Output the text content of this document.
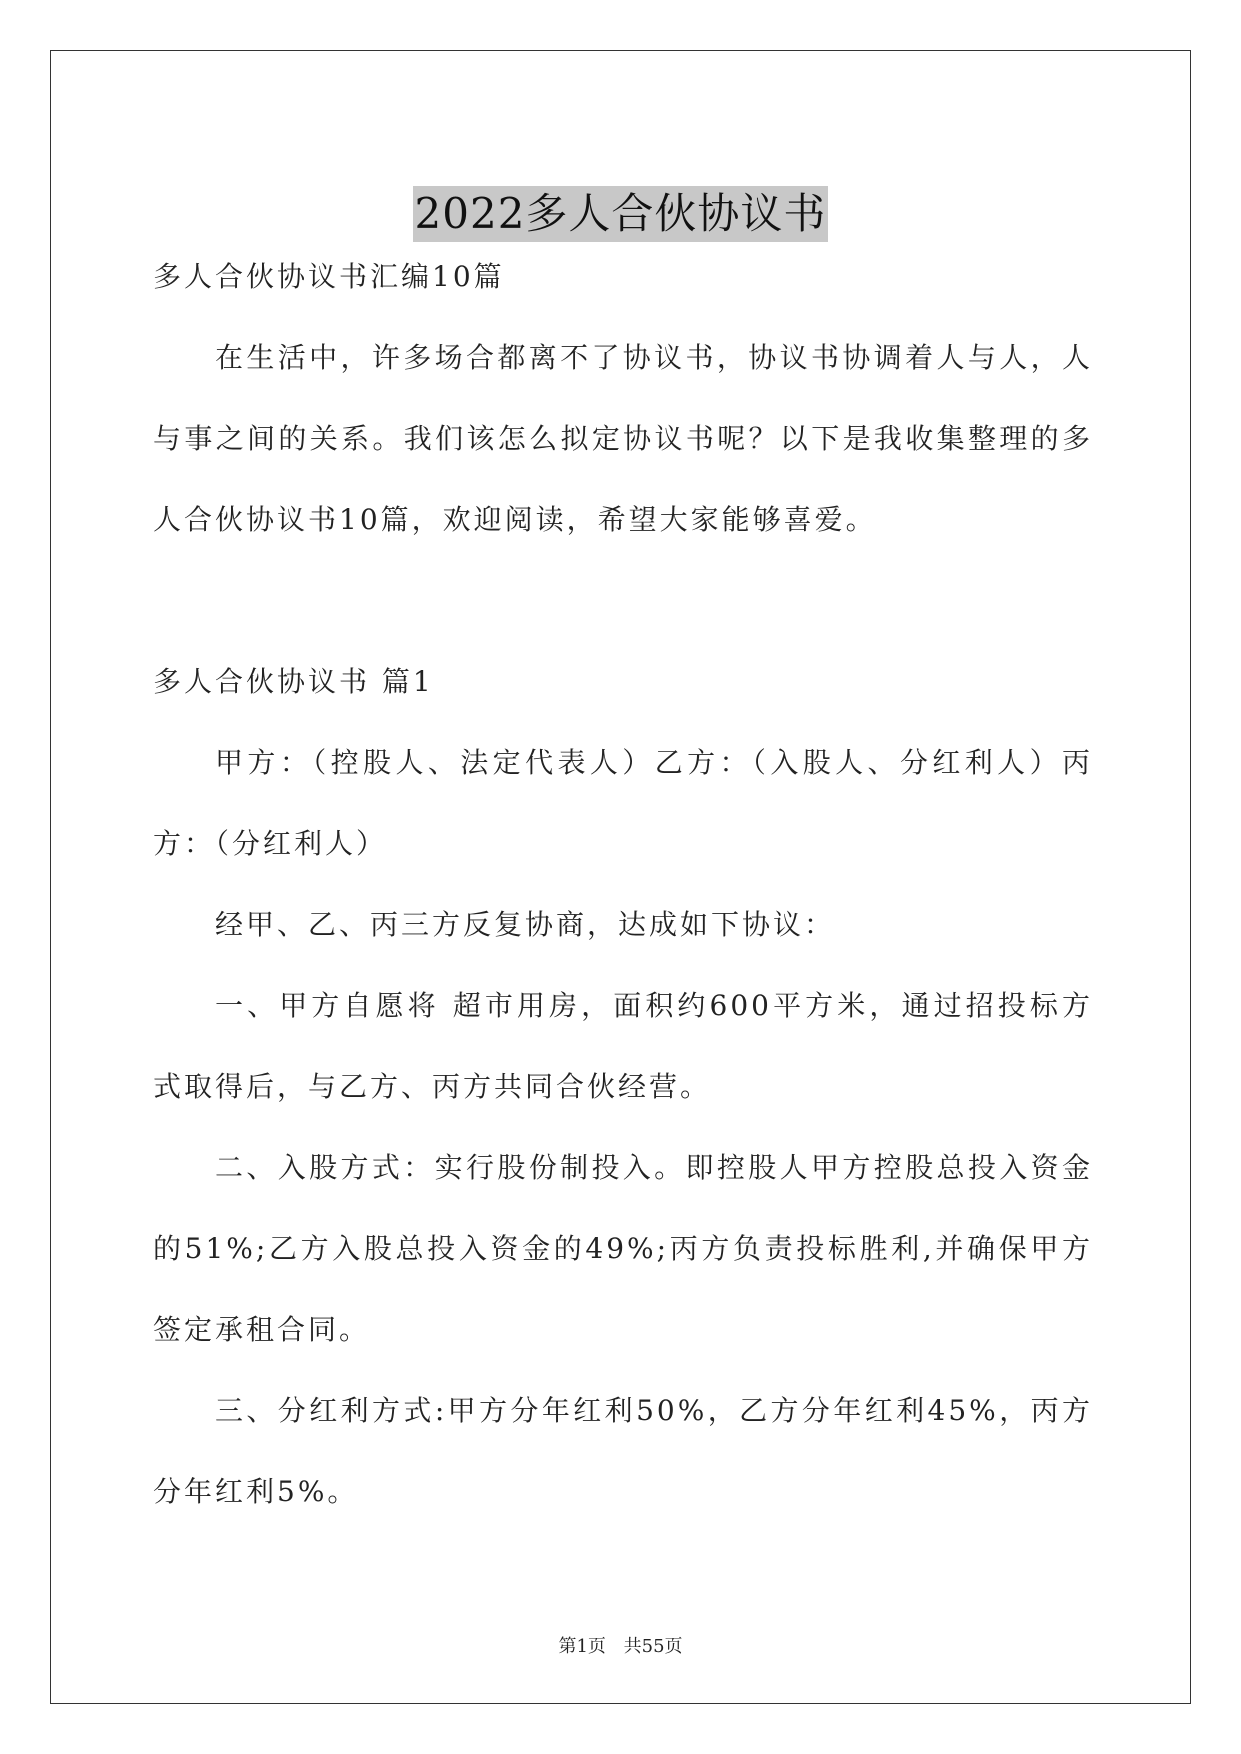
2022多人合伙协议书

多人合伙协议书汇编10篇

在生活中，许多场合都离不了协议书，协议书协调着人与人，人与事之间的关系。我们该怎么拟定协议书呢？以下是我收集整理的多人合伙协议书10篇，欢迎阅读，希望大家能够喜爱。

多人合伙协议书 篇1

甲方：（控股人、法定代表人）乙方：（入股人、分红利人）丙方：（分红利人）

经甲、乙、丙三方反复协商，达成如下协议：

一、甲方自愿将 超市用房，面积约600平方米，通过招投标方式取得后，与乙方、丙方共同合伙经营。

二、入股方式：实行股份制投入。即控股人甲方控股总投入资金的51%;乙方入股总投入资金的49%;丙方负责投标胜利,并确保甲方签定承租合同。

三、分红利方式:甲方分年红利50%，乙方分年红利45%，丙方分年红利5%。

第1页 共55页
